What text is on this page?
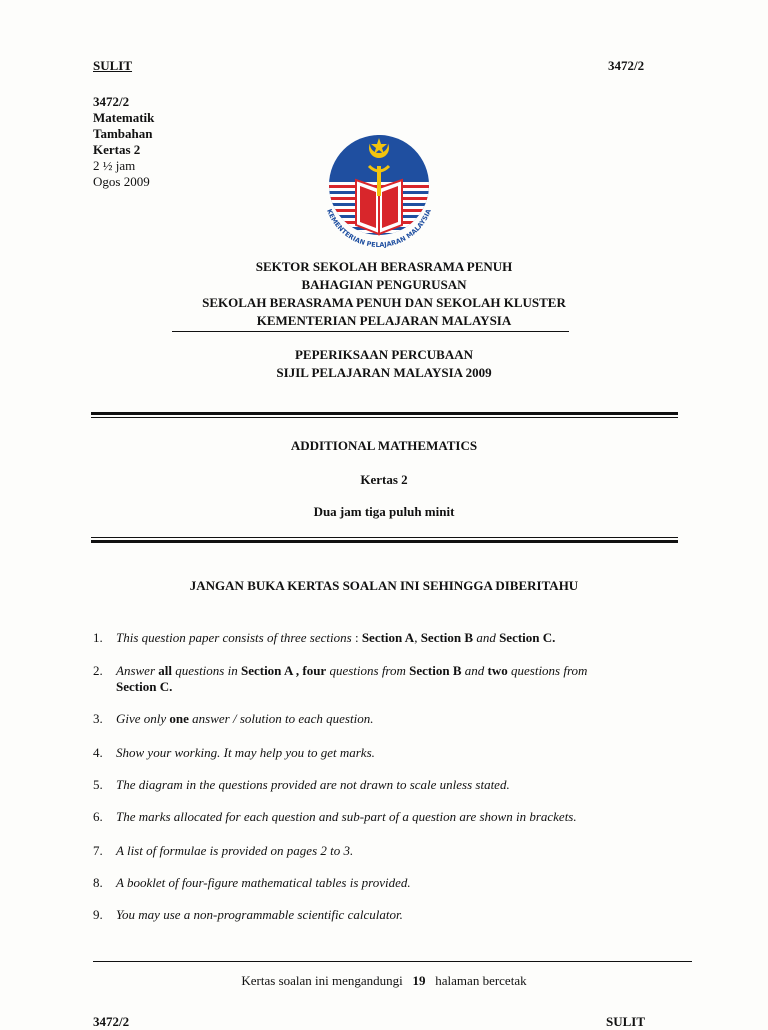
SULIT	3472/2
3472/2
Matematik
Tambahan
Kertas 2
2 ½ jam
Ogos 2009
KEMENTERIAN PELAJARAN MALAYSIA
SEKTOR SEKOLAH BERASRAMA PENUH
BAHAGIAN PENGURUSAN
SEKOLAH BERASRAMA PENUH DAN SEKOLAH KLUSTER
KEMENTERIAN PELAJARAN MALAYSIA
PEPERIKSAAN PERCUBAAN
SIJIL PELAJARAN MALAYSIA 2009
ADDITIONAL MATHEMATICS
Kertas 2
Dua jam tiga puluh minit
JANGAN BUKA KERTAS SOALAN INI SEHINGGA DIBERITAHU
1. This question paper consists of three sections : Section A, Section B and Section C.
2. Answer all questions in Section A , four questions from Section B and two questions from
Section C.
3. Give only one answer / solution to each question.
4. Show your working. It may help you to get marks.
5. The diagram in the questions provided are not drawn to scale unless stated.
6. The marks allocated for each question and sub-part of a question are shown in brackets.
7. A list of formulae is provided on pages 2 to 3.
8. A booklet of four-figure mathematical tables is provided.
9. You may use a non-programmable scientific calculator.
Kertas soalan ini mengandungi 19 halaman bercetak
3472/2	SULIT
